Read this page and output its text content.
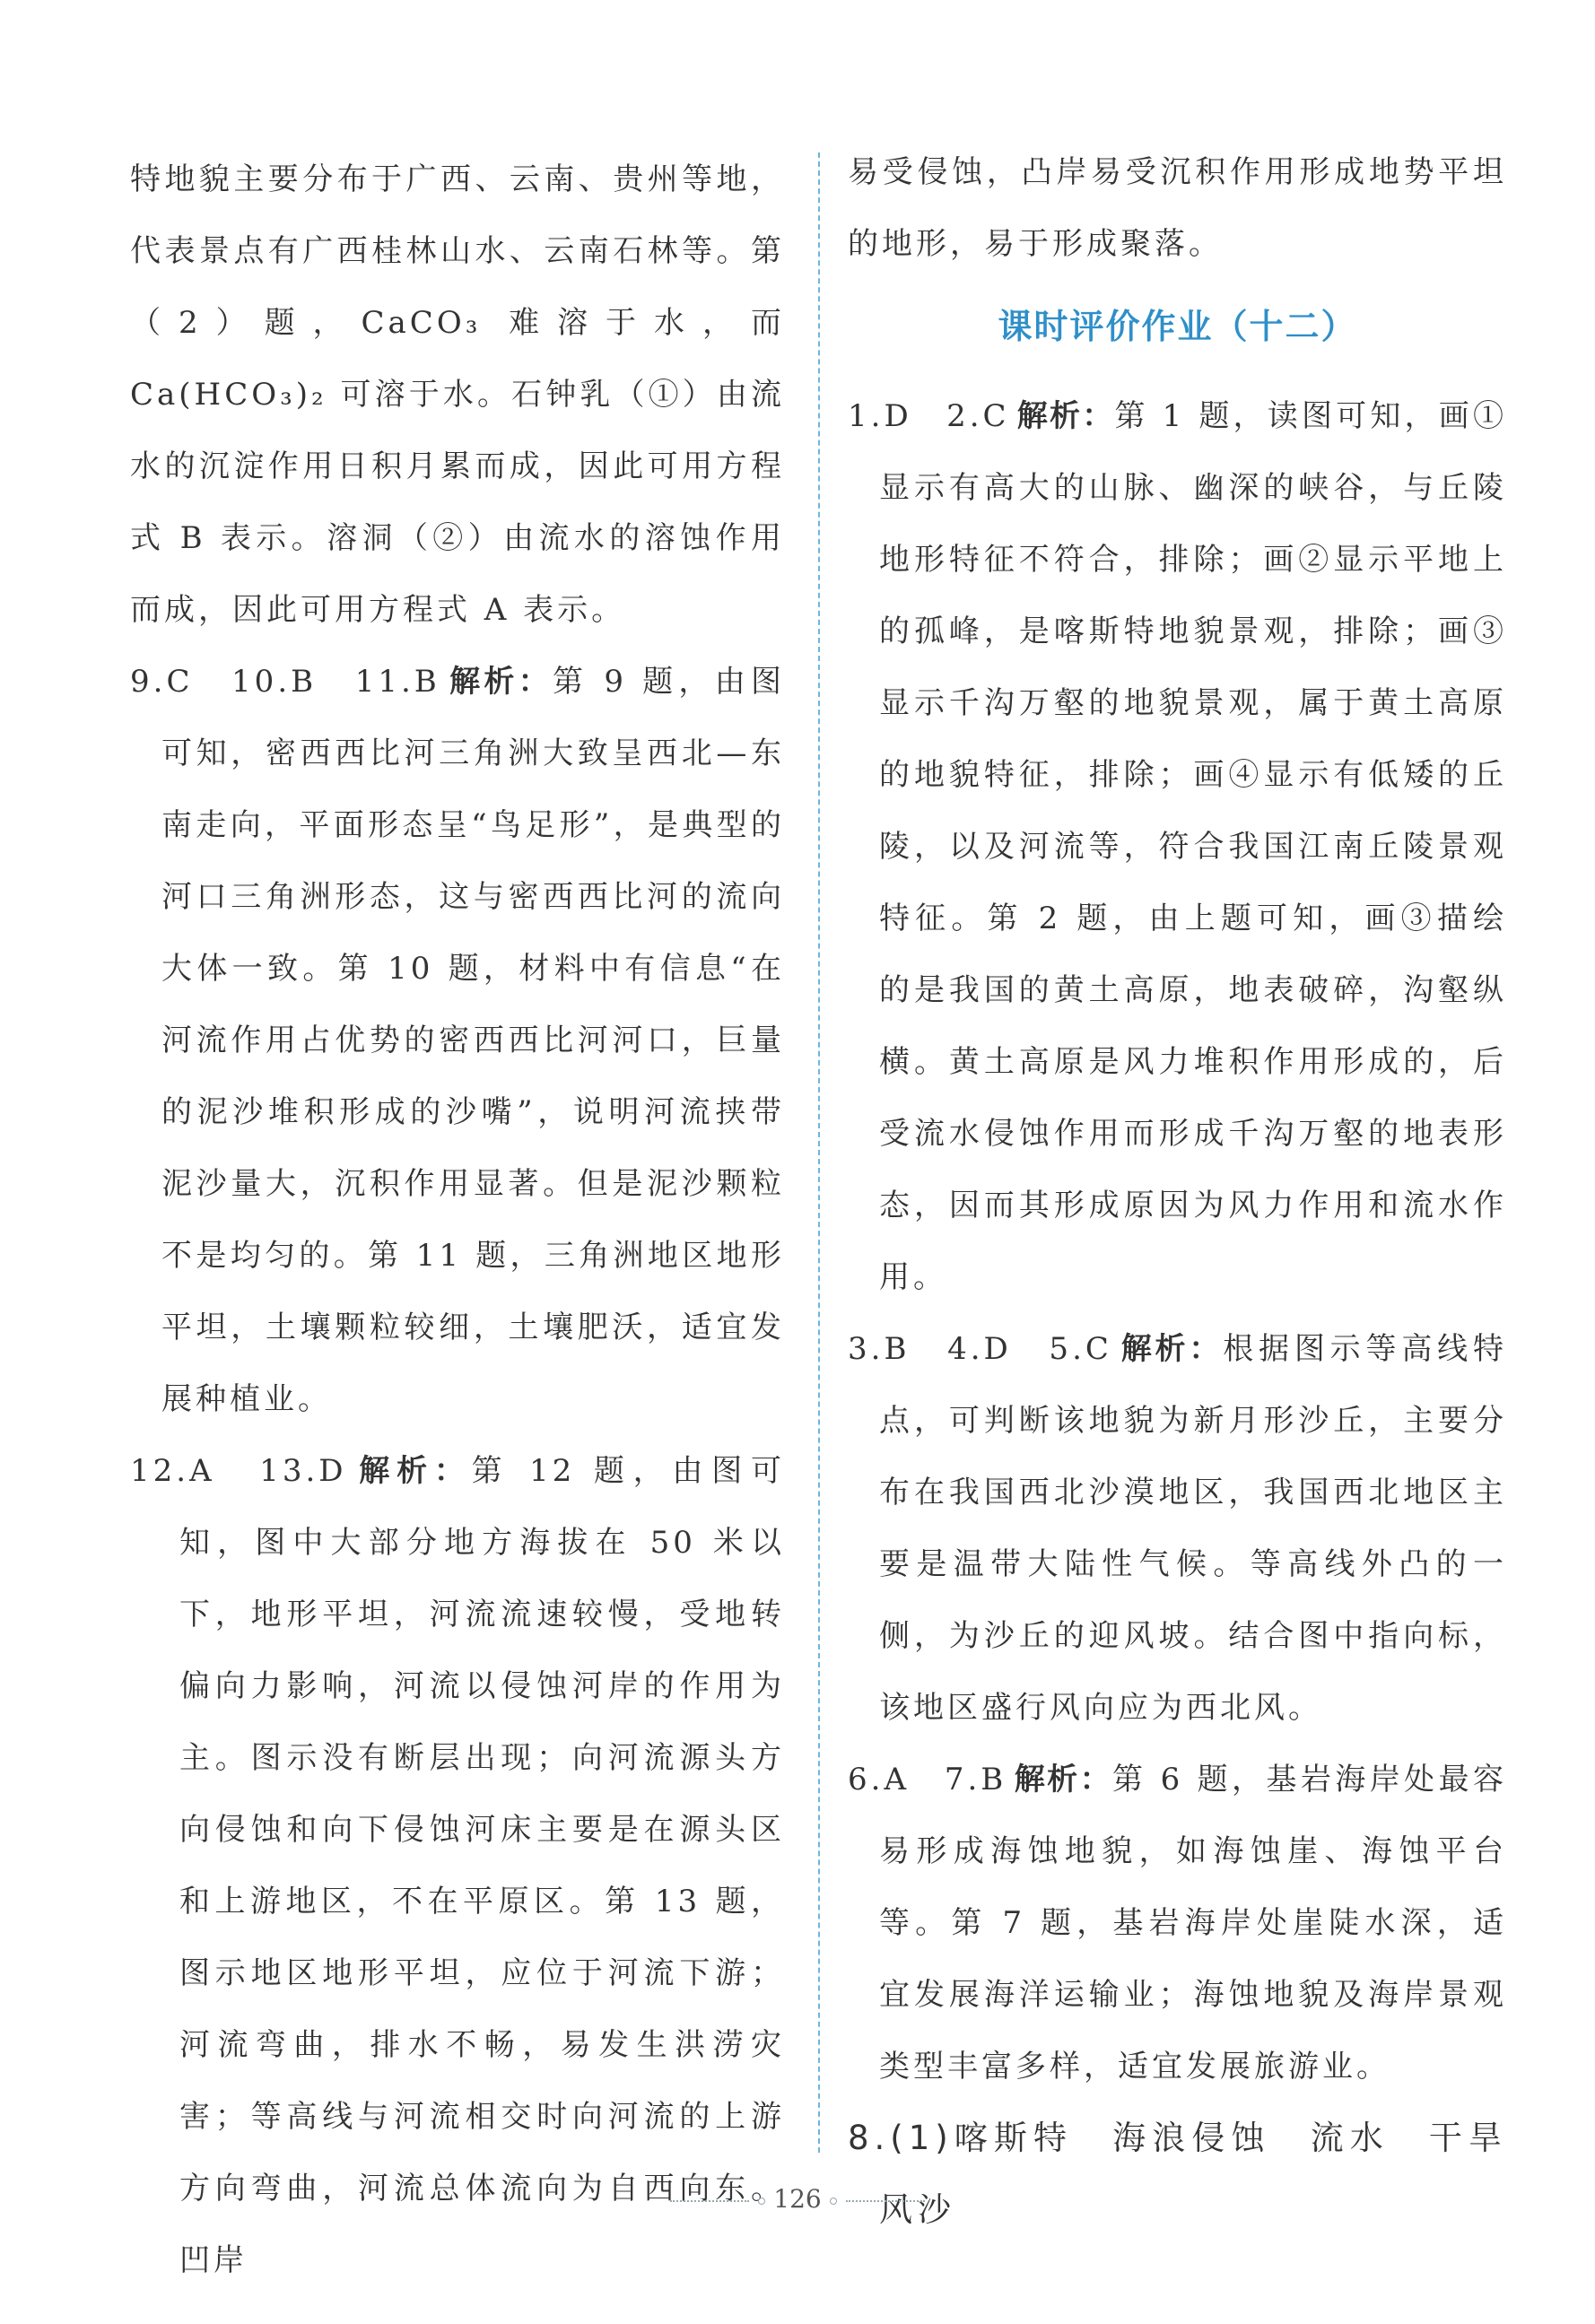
特地貌主要分布于广西、云南、贵州等地，代表景点有广西桂林山水、云南石林等。第（2）题，CaCO₃ 难溶于水，而 Ca(HCO₃)₂ 可溶于水。石钟乳（①）由流水的沉淀作用日积月累而成，因此可用方程式 B 表示。溶洞（②）由流水的溶蚀作用而成，因此可用方程式 A 表示。

9.C　10.B　11.B 解析：第 9 题，由图可知，密西西比河三角洲大致呈西北—东南走向，平面形态呈“鸟足形”，是典型的河口三角洲形态，这与密西西比河的流向大体一致。第 10 题，材料中有信息“在河流作用占优势的密西西比河河口，巨量的泥沙堆积形成的沙嘴”，说明河流挟带泥沙量大，沉积作用显著。但是泥沙颗粒不是均匀的。第 11 题，三角洲地区地形平坦，土壤颗粒较细，土壤肥沃，适宜发展种植业。

12.A　13.D 解析：第 12 题，由图可知，图中大部分地方海拔在 50 米以下，地形平坦，河流流速较慢，受地转偏向力影响，河流以侵蚀河岸的作用为主。图示没有断层出现；向河流源头方向侵蚀和向下侵蚀河床主要是在源头区和上游地区，不在平原区。第 13 题，图示地区地形平坦，应位于河流下游；河流弯曲，排水不畅，易发生洪涝灾害；等高线与河流相交时向河流的上游方向弯曲，河流总体流向为自西向东。凹岸

易受侵蚀，凸岸易受沉积作用形成地势平坦的地形，易于形成聚落。

课时评价作业（十二）

1.D　2.C 解析：第 1 题，读图可知，画①显示有高大的山脉、幽深的峡谷，与丘陵地形特征不符合，排除；画②显示平地上的孤峰，是喀斯特地貌景观，排除；画③显示千沟万壑的地貌景观，属于黄土高原的地貌特征，排除；画④显示有低矮的丘陵，以及河流等，符合我国江南丘陵景观特征。第 2 题，由上题可知，画③描绘的是我国的黄土高原，地表破碎，沟壑纵横。黄土高原是风力堆积作用形成的，后受流水侵蚀作用而形成千沟万壑的地表形态，因而其形成原因为风力作用和流水作用。

3.B　4.D　5.C 解析：根据图示等高线特点，可判断该地貌为新月形沙丘，主要分布在我国西北沙漠地区，我国西北地区主要是温带大陆性气候。等高线外凸的一侧，为沙丘的迎风坡。结合图中指向标，该地区盛行风向应为西北风。

6.A　7.B 解析：第 6 题，基岩海岸处最容易形成海蚀地貌，如海蚀崖、海蚀平台等。第 7 题，基岩海岸处崖陡水深，适宜发展海洋运输业；海蚀地貌及海岸景观类型丰富多样，适宜发展旅游业。

8.(1)喀斯特　海浪侵蚀　流水　干旱　风沙

126
